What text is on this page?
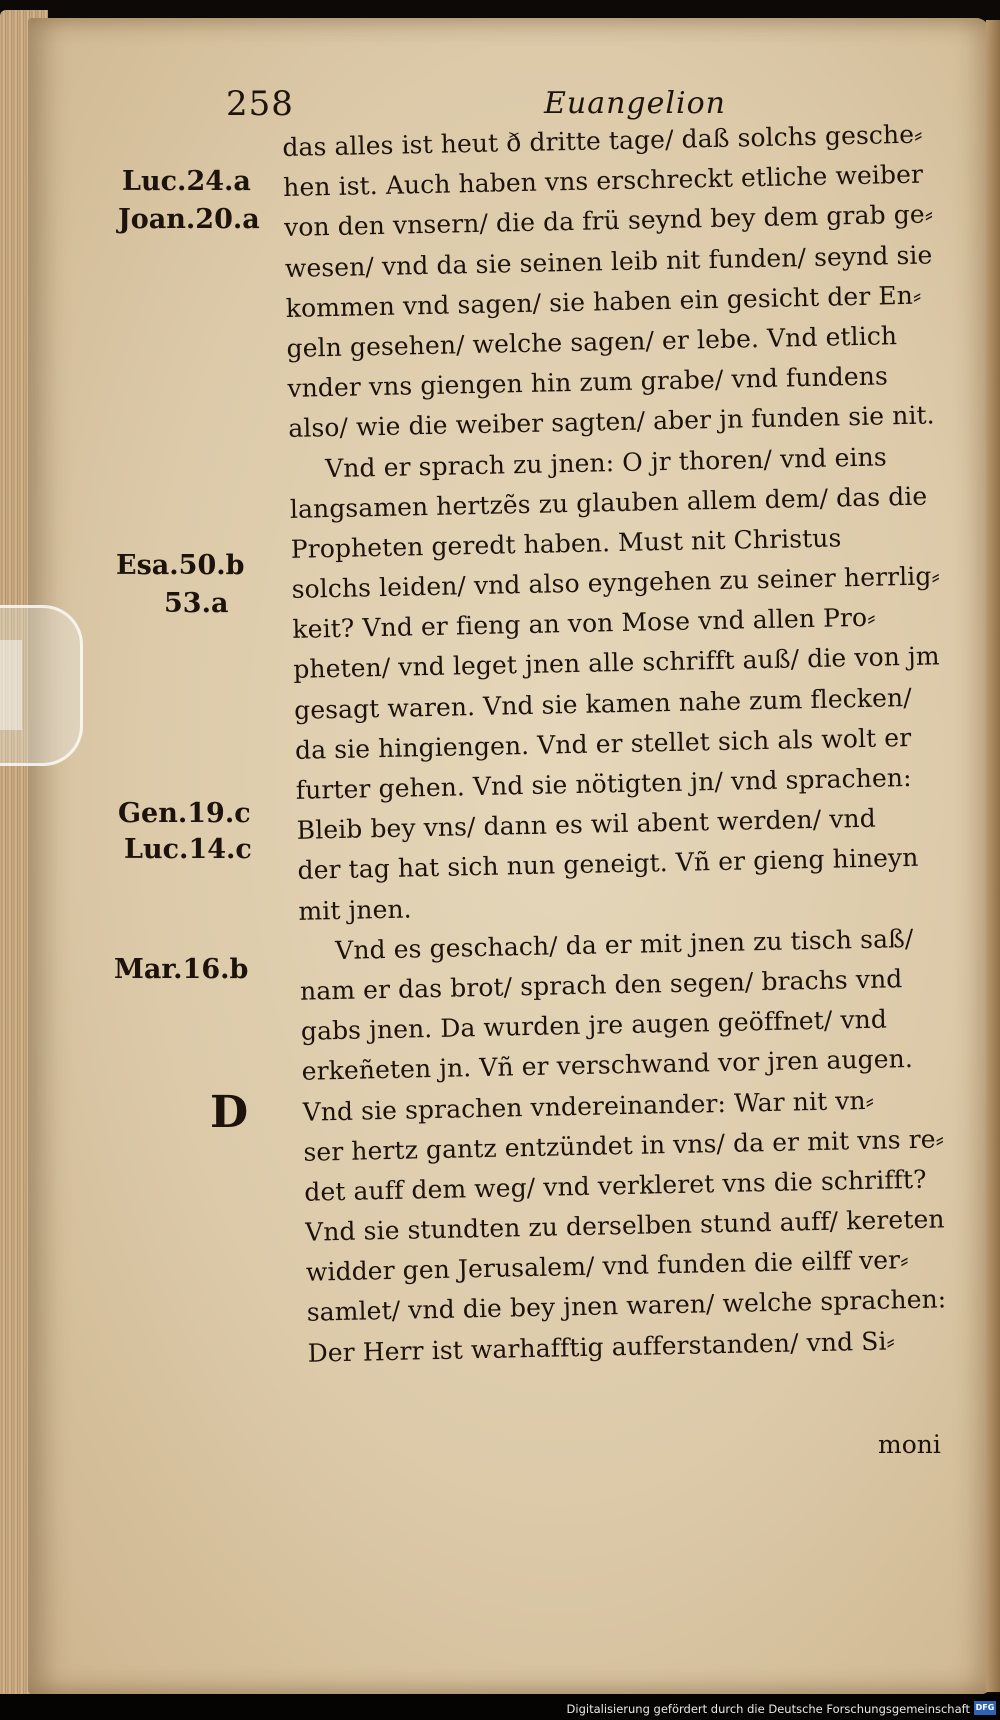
258	Euangelion
Luc.24.a
Joan.20.a
Esa.50.b
53.a
Gen.19.c
Luc.14.c
Mar.16.b
D
das alles ist heut ð dritte tage/ daß solchs gesche⸗
hen ist. Auch haben vns erschreckt etliche weiber
von den vnsern/ die da frü seynd bey dem grab ge⸗
wesen/ vnd da sie seinen leib nit funden/ seynd sie
kommen vnd sagen/ sie haben ein gesicht der En⸗
geln gesehen/ welche sagen/ er lebe. Vnd etlich
vnder vns giengen hin zum grabe/ vnd fundens
also/ wie die weiber sagten/ aber jn funden sie nit.
Vnd er sprach zu jnen: O jr thoren/ vnd eins
langsamen hertzẽs zu glauben allem dem/ das die
Propheten geredt haben. Must nit Christus
solchs leiden/ vnd also eyngehen zu seiner herrlig⸗
keit? Vnd er fieng an von Mose vnd allen Pro⸗
pheten/ vnd leget jnen alle schrifft auß/ die von jm
gesagt waren. Vnd sie kamen nahe zum flecken/
da sie hingiengen. Vnd er stellet sich als wolt er
furter gehen. Vnd sie nötigten jn/ vnd sprachen:
Bleib bey vns/ dann es wil abent werden/ vnd
der tag hat sich nun geneigt. Vñ er gieng hineyn
mit jnen.
Vnd es geschach/ da er mit jnen zu tisch saß/
nam er das brot/ sprach den segen/ brachs vnd
gabs jnen. Da wurden jre augen geöffnet/ vnd
erkeñeten jn. Vñ er verschwand vor jren augen.
Vnd sie sprachen vndereinander: War nit vn⸗
ser hertz gantz entzündet in vns/ da er mit vns re⸗
det auff dem weg/ vnd verkleret vns die schrifft?
Vnd sie stundten zu derselben stund auff/ kereten
widder gen Jerusalem/ vnd funden die eilff ver⸗
samlet/ vnd die bey jnen waren/ welche sprachen:
Der Herr ist warhafftig aufferstanden/ vnd Si⸗
moni
Digitalisierung gefördert durch die Deutsche Forschungsgemeinschaft DFG
